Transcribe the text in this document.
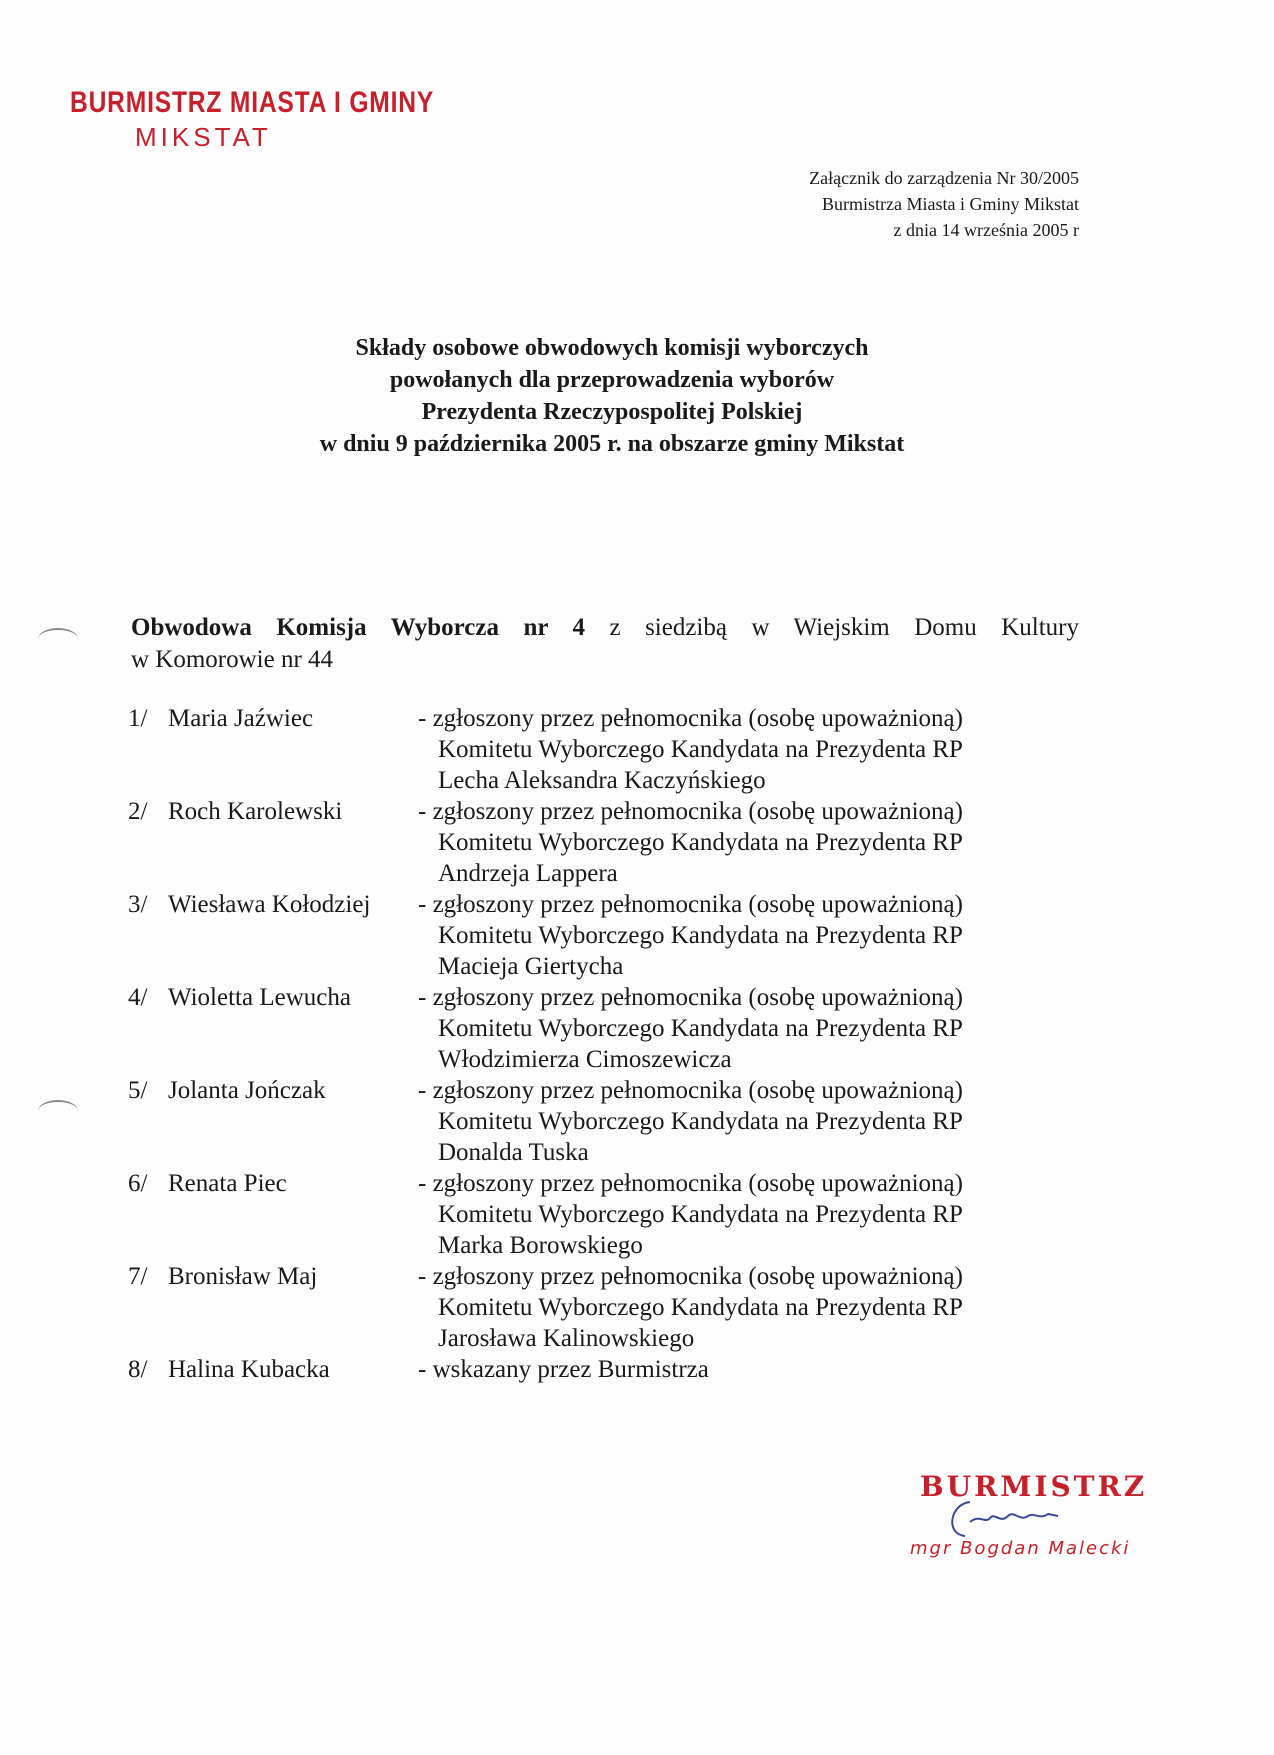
BURMISTRZ MIASTA I GMINY
MIKSTAT
Załącznik do zarządzenia Nr 30/2005
Burmistrza Miasta i Gminy Mikstat
z dnia 14 września 2005 r
Składy osobowe obwodowych komisji wyborczych
powołanych dla przeprowadzenia wyborów
Prezydenta Rzeczypospolitej Polskiej
w dniu 9 października 2005 r. na obszarze gminy Mikstat
Obwodowa Komisja Wyborcza nr 4 z siedzibą w Wiejskim Domu Kultury
w Komorowie nr 44
1/ Maria Jaźwiec	- zgłoszony przez pełnomocnika (osobę upoważnioną)
Komitetu Wyborczego Kandydata na Prezydenta RP
Lecha Aleksandra Kaczyńskiego
2/ Roch Karolewski	- zgłoszony przez pełnomocnika (osobę upoważnioną)
Komitetu Wyborczego Kandydata na Prezydenta RP
Andrzeja Lappera
3/ Wiesława Kołodziej	- zgłoszony przez pełnomocnika (osobę upoważnioną)
Komitetu Wyborczego Kandydata na Prezydenta RP
Macieja Giertycha
4/ Wioletta Lewucha	- zgłoszony przez pełnomocnika (osobę upoważnioną)
Komitetu Wyborczego Kandydata na Prezydenta RP
Włodzimierza Cimoszewicza
5/ Jolanta Jończak	- zgłoszony przez pełnomocnika (osobę upoważnioną)
Komitetu Wyborczego Kandydata na Prezydenta RP
Donalda Tuska
6/ Renata Piec	- zgłoszony przez pełnomocnika (osobę upoważnioną)
Komitetu Wyborczego Kandydata na Prezydenta RP
Marka Borowskiego
7/ Bronisław Maj	- zgłoszony przez pełnomocnika (osobę upoważnioną)
Komitetu Wyborczego Kandydata na Prezydenta RP
Jarosława Kalinowskiego
8/ Halina Kubacka	- wskazany przez Burmistrza
BURMISTRZ
mgr Bogdan Malecki
